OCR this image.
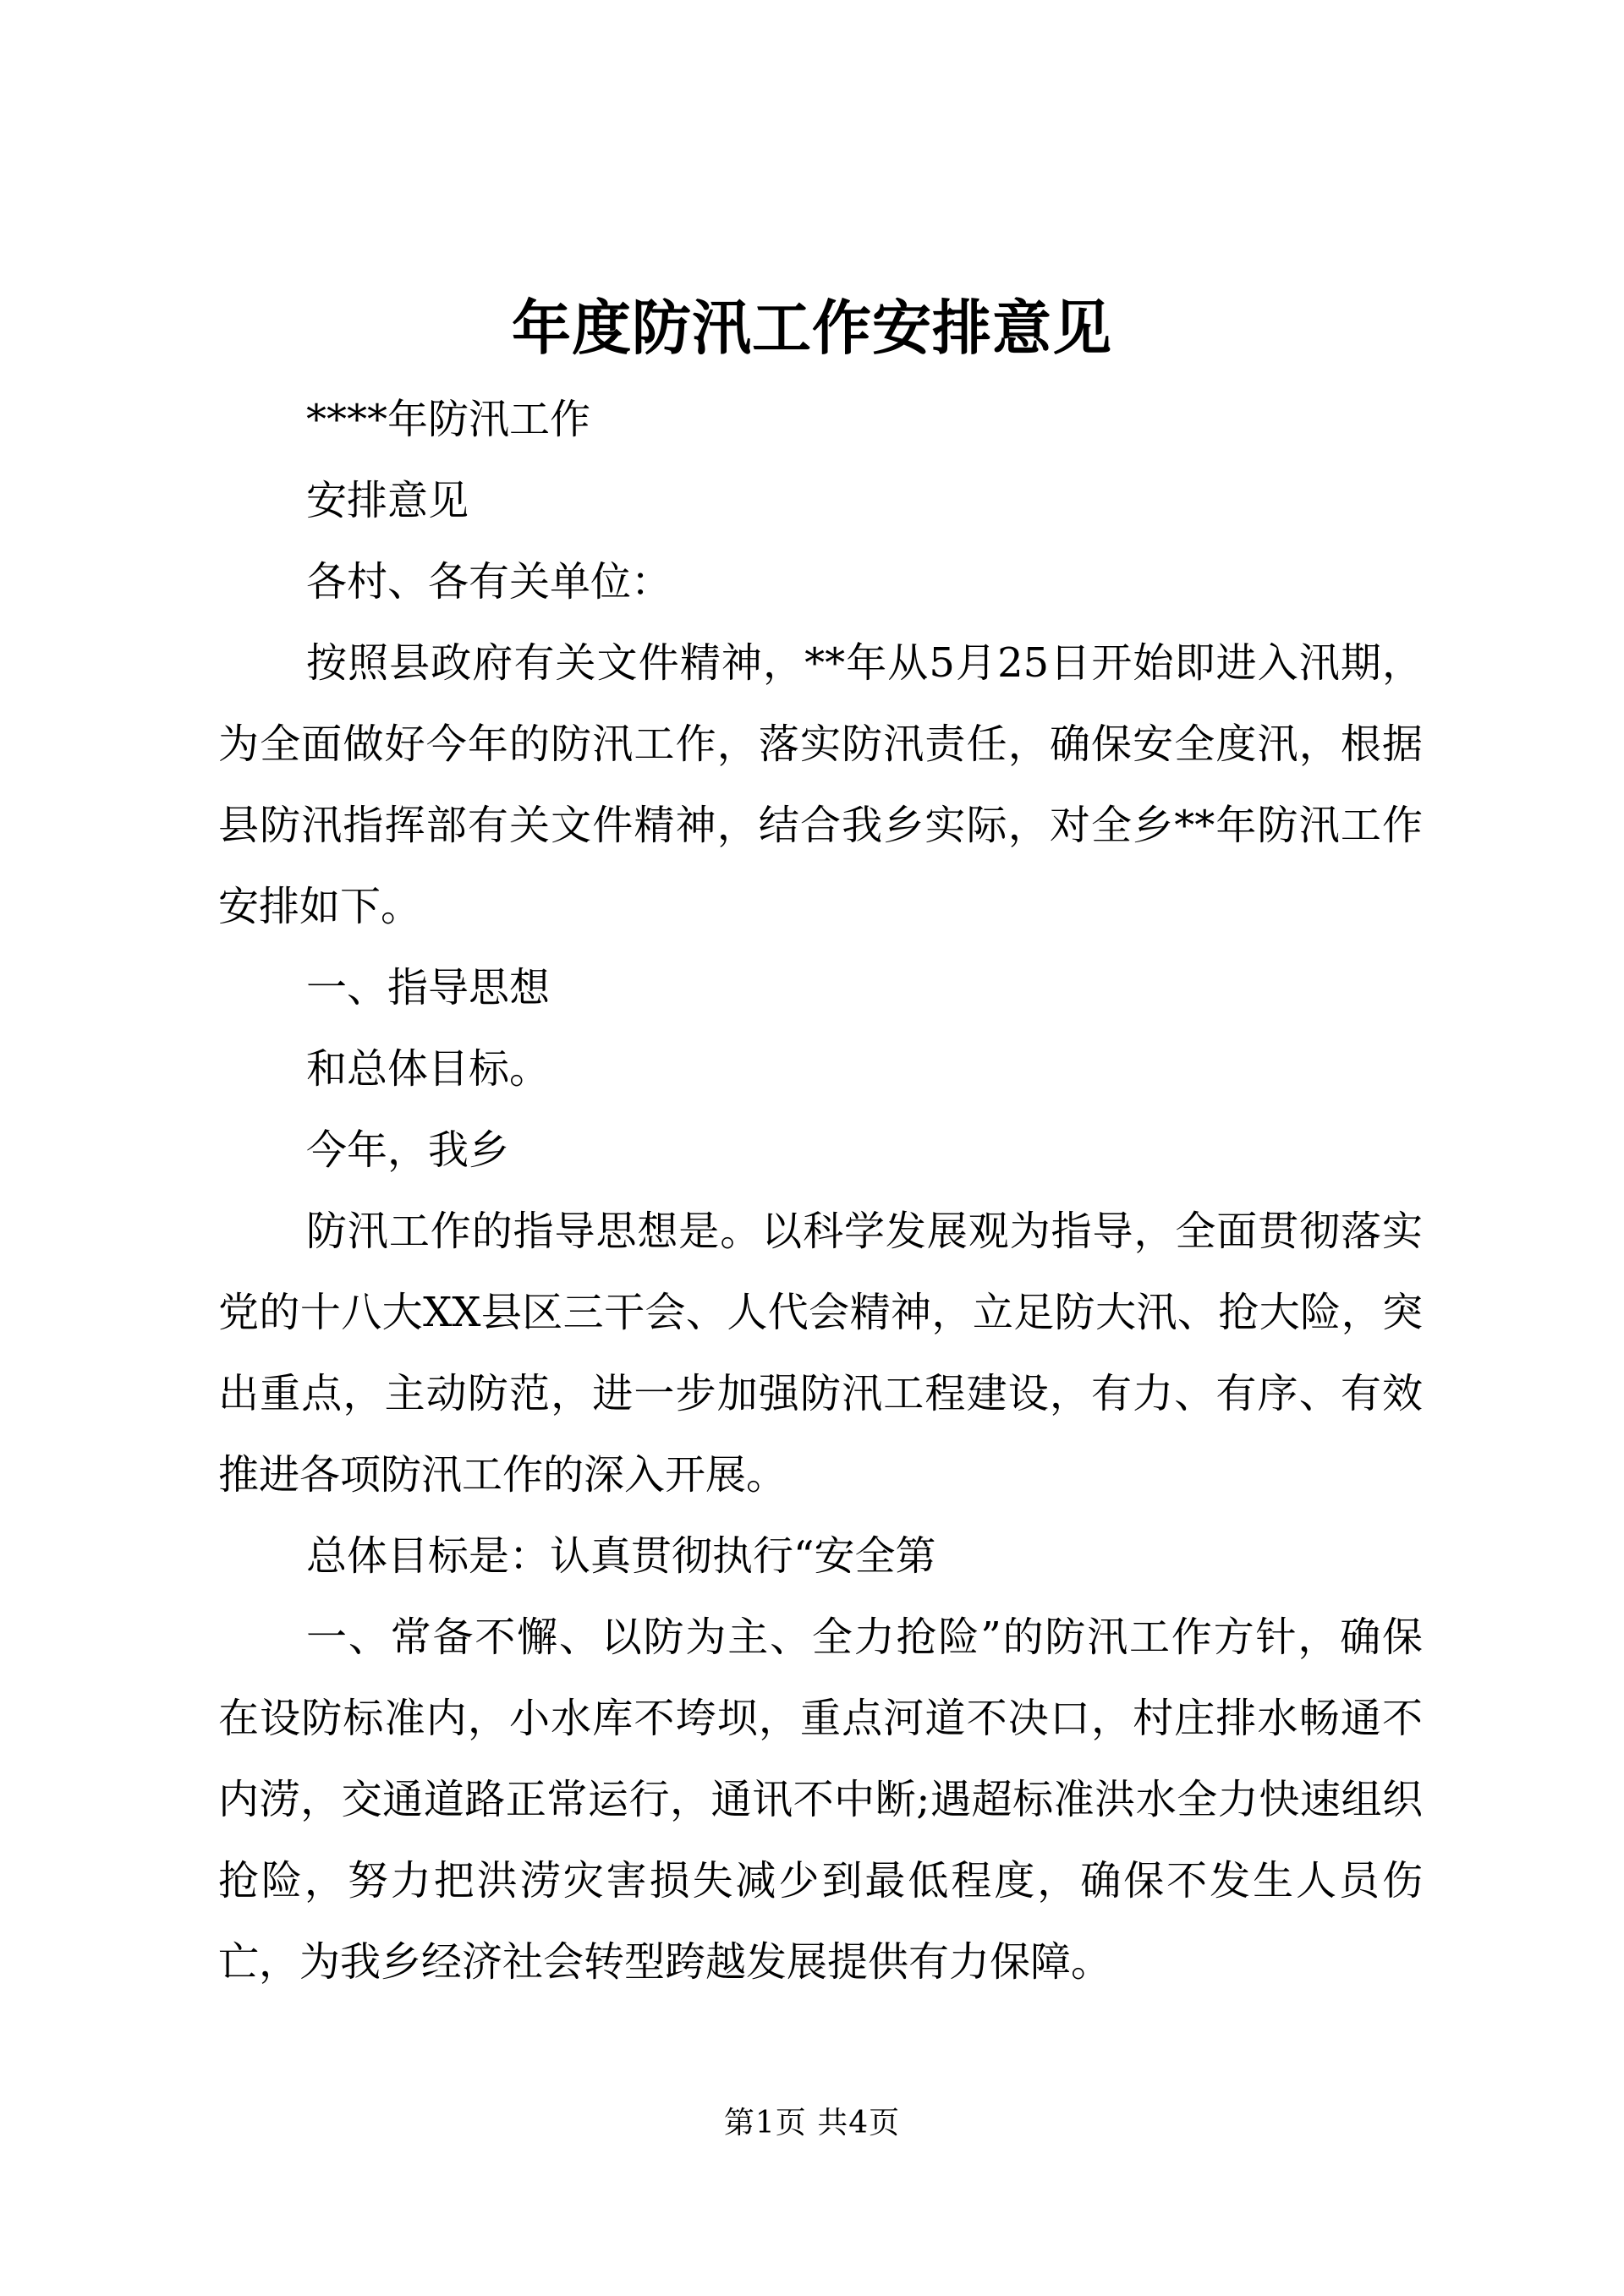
年度防汛工作安排意见

****年防汛工作

安排意见

各村、各有关单位：

按照县政府有关文件精神，**年从5月25日开始即进入汛期，为全面做好今年的防汛工作，落实防汛责任，确保安全度汛，根据县防汛指挥部有关文件精神，结合我乡实际，对全乡**年防汛工作安排如下。

一、指导思想

和总体目标。

今年，我乡

防汛工作的指导思想是。以科学发展观为指导，全面贯彻落实党的十八大XX县区三干会、人代会精神，立足防大汛、抢大险，突出重点，主动防范，进一步加强防汛工程建设，有力、有序、有效推进各项防汛工作的深入开展。

总体目标是：认真贯彻执行“安全第

一、常备不懈、以防为主、全力抢险”的防汛工作方针，确保在设防标准内，小水库不垮坝，重点河道不决口，村庄排水畅通不内涝，交通道路正常运行，通讯不中断;遇超标准洪水全力快速组织抢险，努力把洪涝灾害损失减少到最低程度，确保不发生人员伤亡，为我乡经济社会转型跨越发展提供有力保障。

第1页 共4页
